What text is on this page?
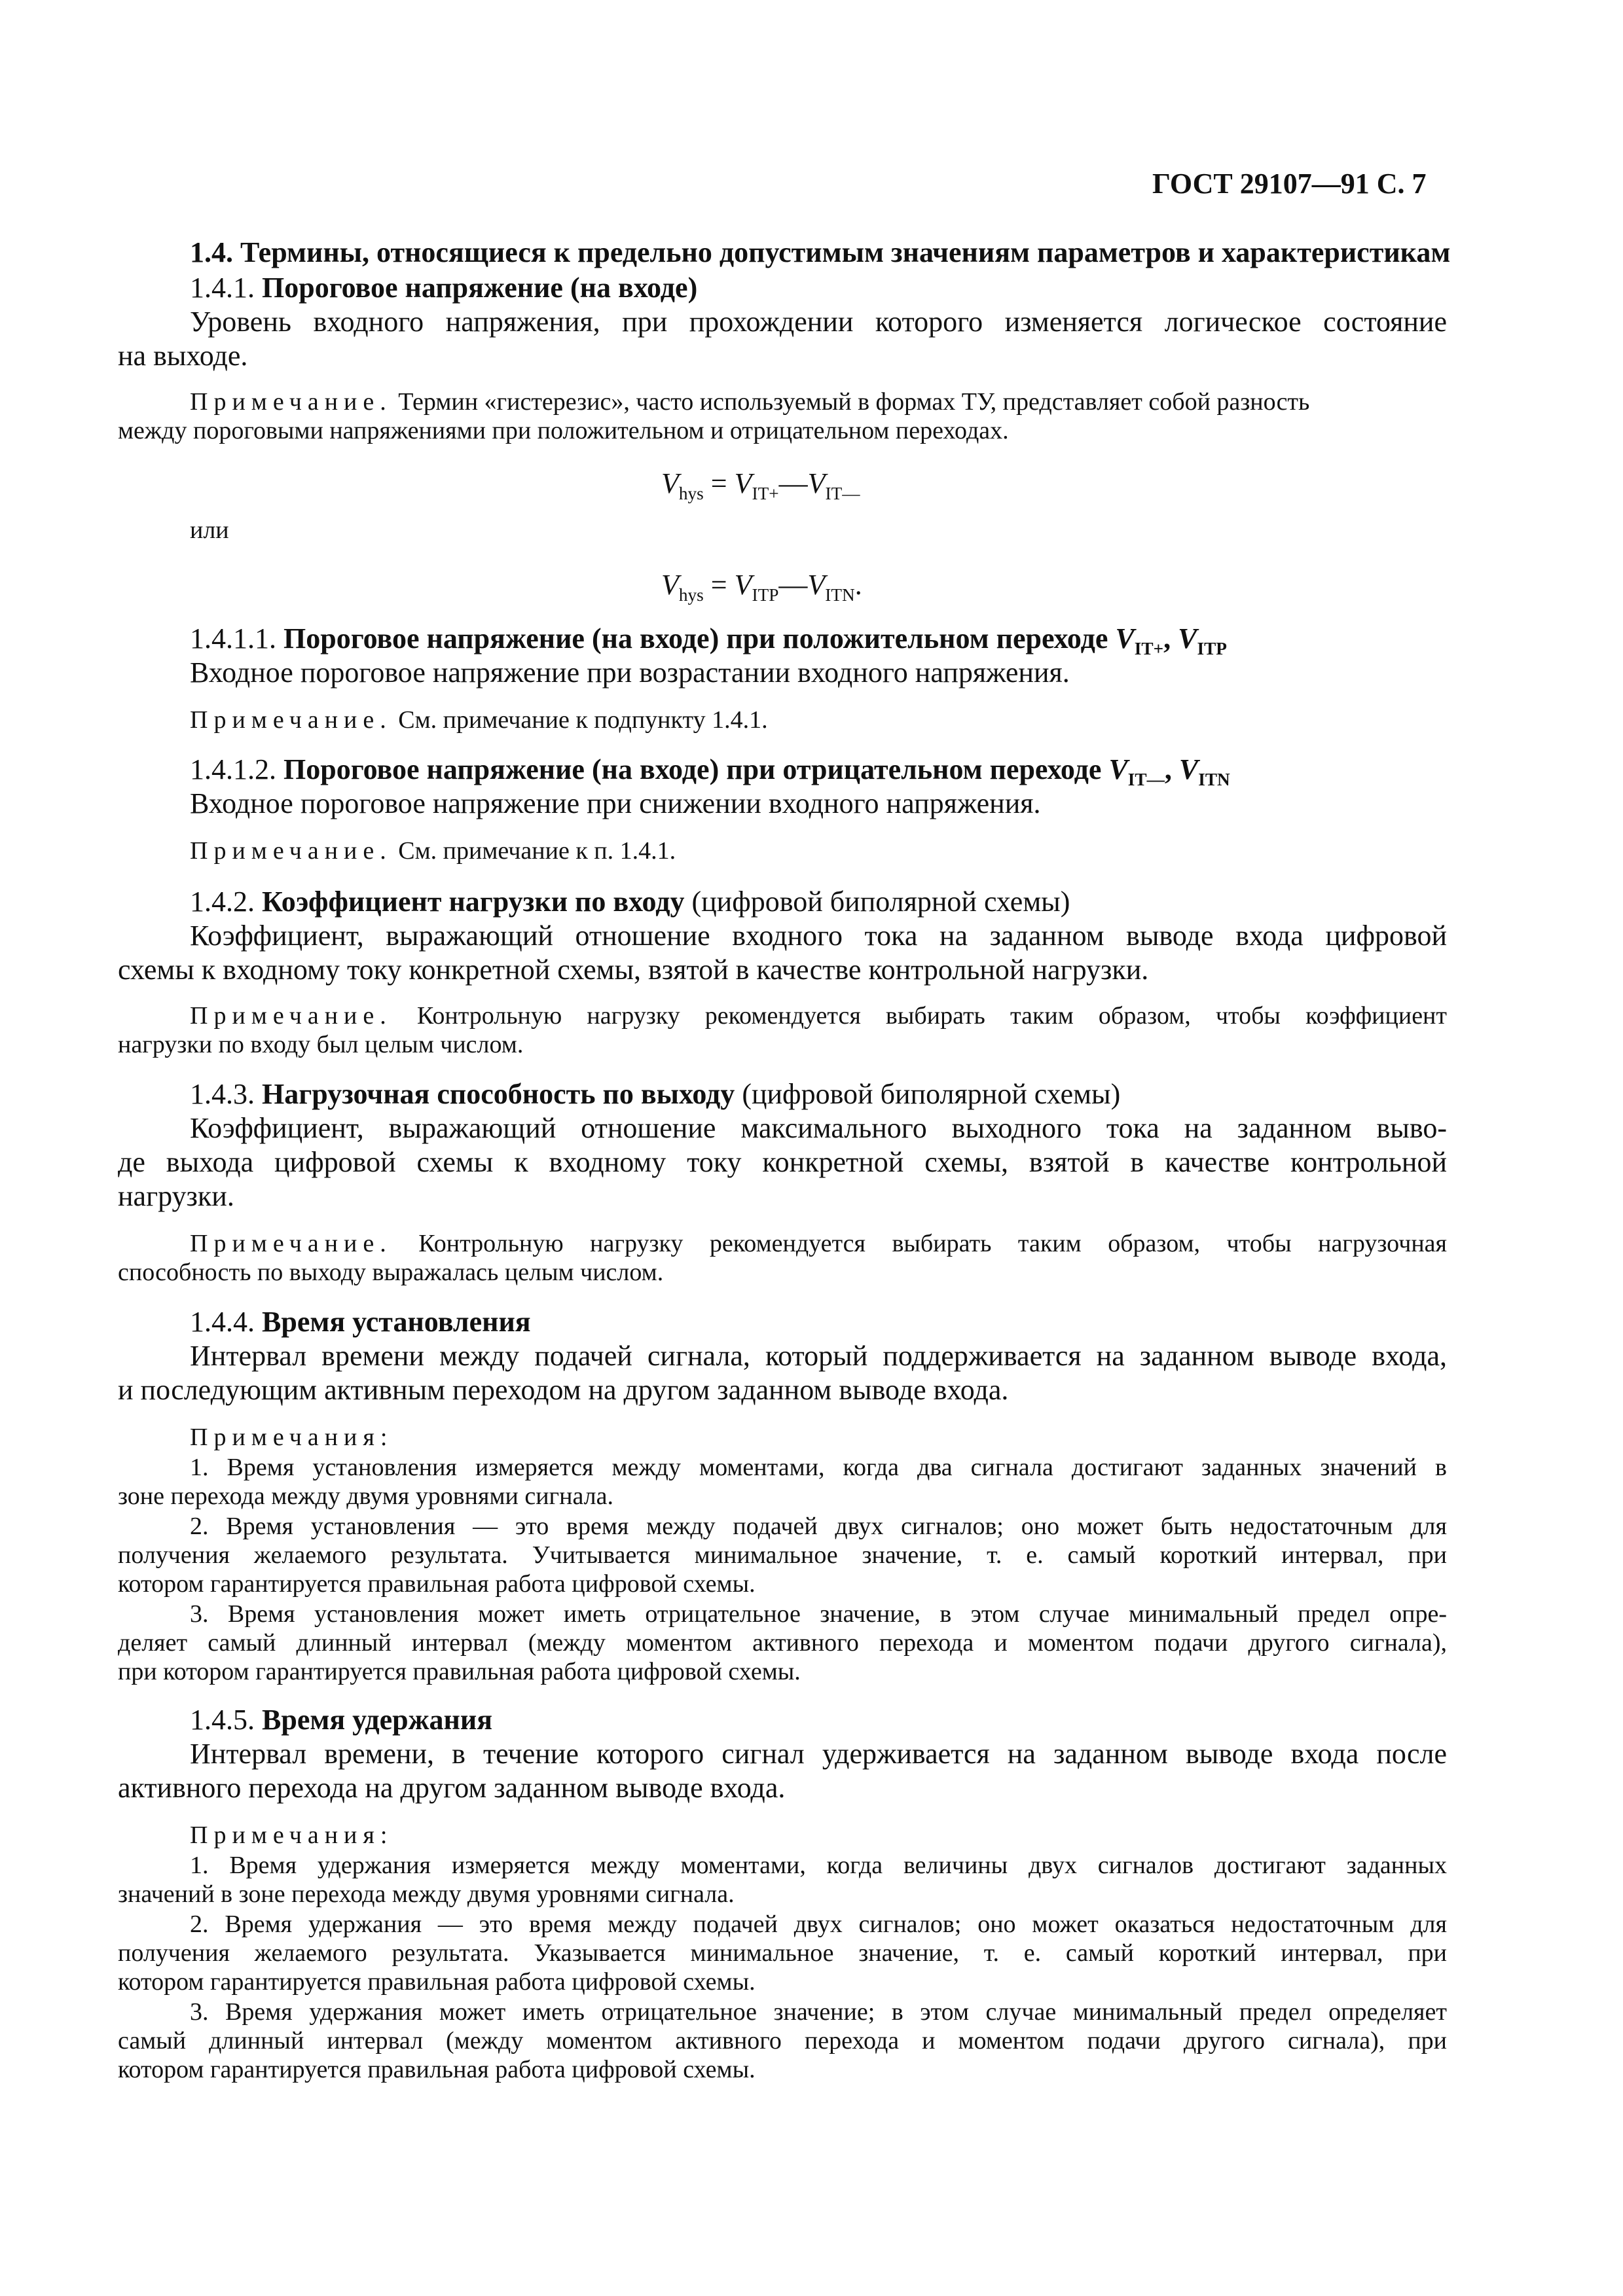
ГОСТ 29107—91 С. 7
1.4. Термины, относящиеся к предельно допустимым значениям параметров и характеристикам
1.4.1. Пороговое напряжение (на входе)
Уровень входного напряжения, при прохождении которого изменяется логическое состояние
на выходе.
Примечание. Термин «гистерезис», часто используемый в формах ТУ, представляет собой разность
между пороговыми напряжениями при положительном и отрицательном переходах.
$V_{hys}$ = $V_{IT+}—V_{IT—}$
или
$V_{hys}$ = $V_{ITP}—V_{ITN}$.
1.4.1.1. Пороговое напряжение (на входе) при положительном переходе $V_{IT+}$, $V_{ITP}$
Входное пороговое напряжение при возрастании входного напряжения.
Примечание. См. примечание к подпункту 1.4.1.
1.4.1.2. Пороговое напряжение (на входе) при отрицательном переходе $V_{IT—}$, $V_{ITN}$
Входное пороговое напряжение при снижении входного напряжения.
Примечание. См. примечание к п. 1.4.1.
1.4.2. Коэффициент нагрузки по входу (цифровой биполярной схемы)
Коэффициент, выражающий отношение входного тока на заданном выводе входа цифровой
схемы к входному току конкретной схемы, взятой в качестве контрольной нагрузки.
Примечание. Контрольную нагрузку рекомендуется выбирать таким образом, чтобы коэффициент
нагрузки по входу был целым числом.
1.4.3. Нагрузочная способность по выходу (цифровой биполярной схемы)
Коэффициент, выражающий отношение максимального выходного тока на заданном выво-
де выхода цифровой схемы к входному току конкретной схемы, взятой в качестве контрольной
нагрузки.
Примечание. Контрольную нагрузку рекомендуется выбирать таким образом, чтобы нагрузочная
способность по выходу выражалась целым числом.
1.4.4. Время установления
Интервал времени между подачей сигнала, который поддерживается на заданном выводе входа,
и последующим активным переходом на другом заданном выводе входа.
Примечания:
1. Время установления измеряется между моментами, когда два сигнала достигают заданных значений в
зоне перехода между двумя уровнями сигнала.
2. Время установления — это время между подачей двух сигналов; оно может быть недостаточным для
получения желаемого результата. Учитывается минимальное значение, т. е. самый короткий интервал, при
котором гарантируется правильная работа цифровой схемы.
3. Время установления может иметь отрицательное значение, в этом случае минимальный предел опре-
деляет самый длинный интервал (между моментом активного перехода и моментом подачи другого сигнала),
при котором гарантируется правильная работа цифровой схемы.
1.4.5. Время удержания
Интервал времени, в течение которого сигнал удерживается на заданном выводе входа после
активного перехода на другом заданном выводе входа.
Примечания:
1. Время удержания измеряется между моментами, когда величины двух сигналов достигают заданных
значений в зоне перехода между двумя уровнями сигнала.
2. Время удержания — это время между подачей двух сигналов; оно может оказаться недостаточным для
получения желаемого результата. Указывается минимальное значение, т. е. самый короткий интервал, при
котором гарантируется правильная работа цифровой схемы.
3. Время удержания может иметь отрицательное значение; в этом случае минимальный предел определяет
самый длинный интервал (между моментом активного перехода и моментом подачи другого сигнала), при
котором гарантируется правильная работа цифровой схемы.
